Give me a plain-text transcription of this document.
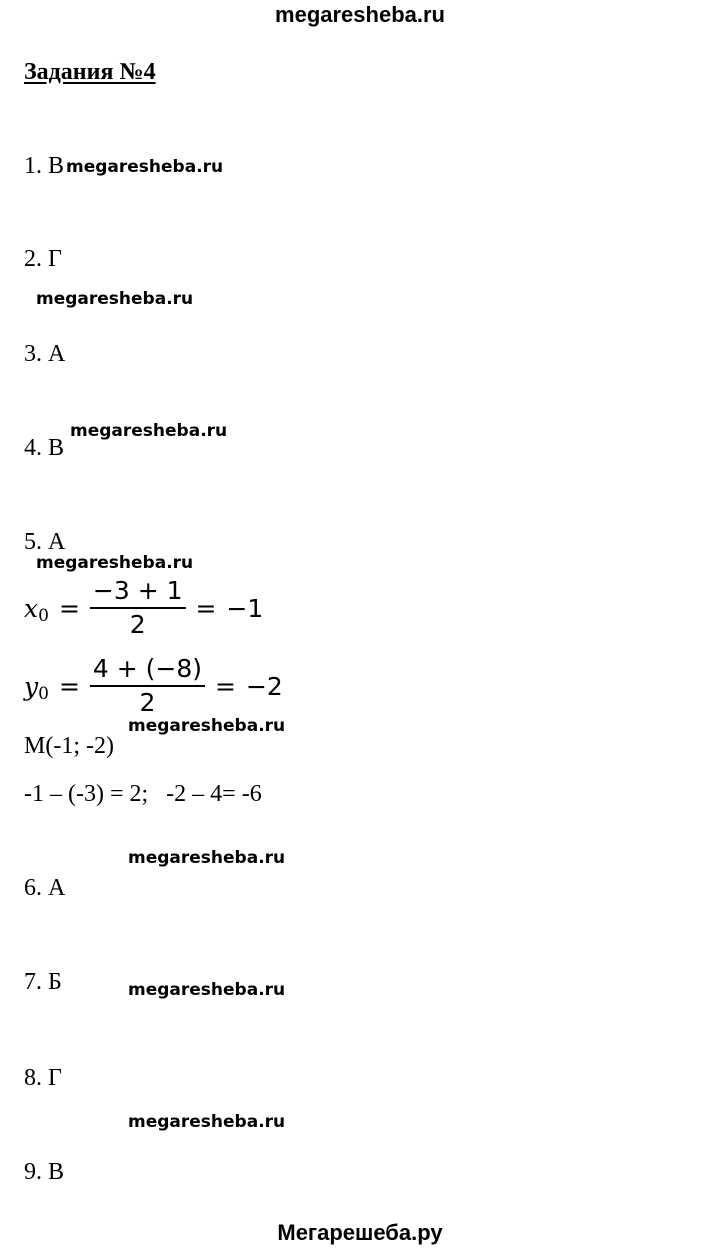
megaresheba.ru
Задания №4
1. В megaresheba.ru
2. Г
megaresheba.ru
3. А
4. В
megaresheba.ru
5. А
megaresheba.ru
x $0 = \frac{-3 + 1}{2} = -1$
y $0 = \frac{4 + (-8)}{2} = -2$
megaresheba.ru
M(-1; -2)
-1 – (-3) = 2;   -2 – 4= -6
megaresheba.ru
6. А
7. Б	megaresheba.ru
8. Г
megaresheba.ru
9. В
Мегарешеба.ру
